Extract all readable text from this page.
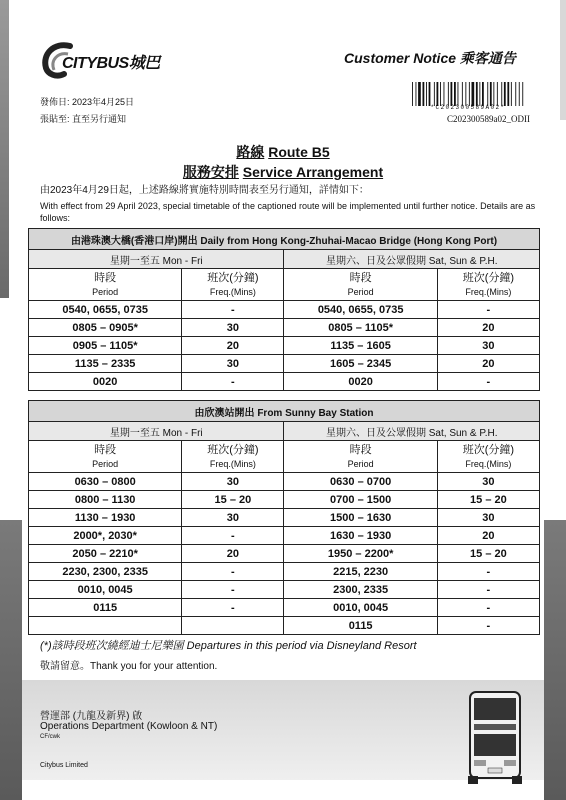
CITYBUS城巴	Customer Notice 乘客通告
發佈日: 2023年4月25日
張貼至: 直至另行通知
*C202300589A02*
C202300589a02_ODII
路線 Route B5
服務安排 Service Arrangement
由2023年4月29日起，上述路線將實施特別時間表至另行通知，詳情如下：
With effect from 29 April 2023, special timetable of the captioned route will be implemented until further notice. Details are as follows:
由港珠澳大橋(香港口岸)開出 Daily from Hong Kong-Zhuhai-Macao Bridge (Hong Kong Port)			
星期一至五 Mon - Fri		星期六、日及公眾假期 Sat, Sun & P.H.	
時段
Period	班次(分鐘)
Freq.(Mins)	時段
Period	班次(分鐘)
Freq.(Mins)

0540, 0655, 0735	-	0540, 0655, 0735	-
0805 – 0905*	30	0805 – 1105*	20
0905 – 1105*	20	1135 – 1605	30
1135 – 2335	30	1605 – 2345	20
0020	-	0020	-
由欣澳站開出 From Sunny Bay Station			
星期一至五 Mon - Fri		星期六、日及公眾假期 Sat, Sun & P.H.	
時段
Period	班次(分鐘)
Freq.(Mins)	時段
Period	班次(分鐘)
Freq.(Mins)

0630 – 0800	30	0630 – 0700	30
0800 – 1130	15 – 20	0700 – 1500	15 – 20
1130 – 1930	30	1500 – 1630	30
2000*, 2030*	-	1630 – 1930	20
2050 – 2210*	20	1950 – 2200*	15 – 20
2230, 2300, 2335	-	2215, 2230	-
0010, 0045	-	2300, 2335	-
0115	-	0010, 0045	-
		0115	-
(*)該時段班次繞經迪士尼樂園 Departures in this period via Disneyland Resort
敬請留意。Thank you for your attention.
營運部 (九龍及新界) 啟
Operations Department (Kowloon & NT)
CF/cwk
Citybus Limited
